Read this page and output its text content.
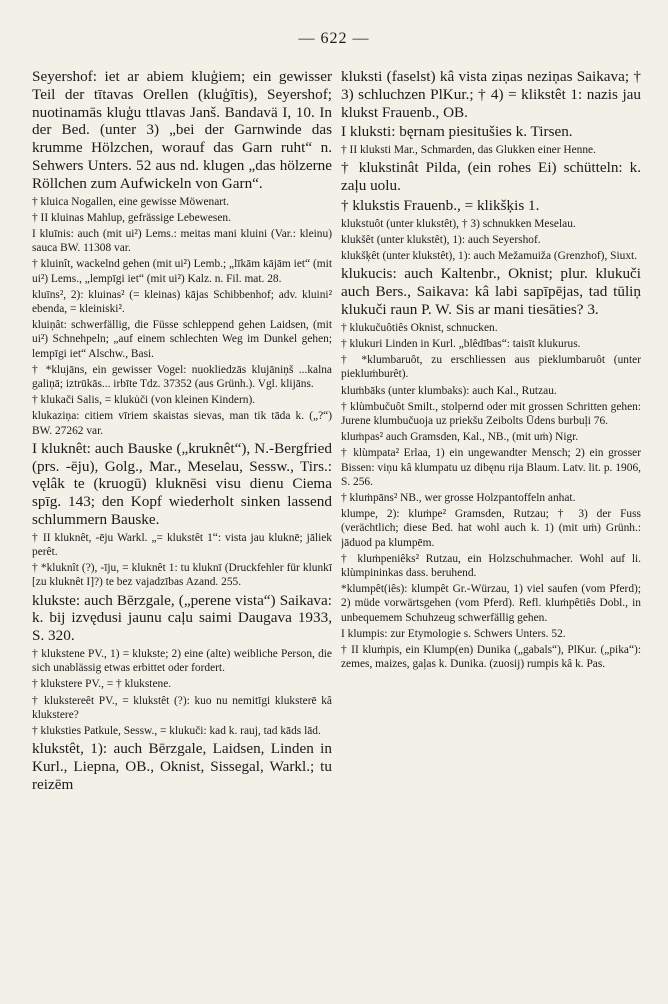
— 622 —

Seyershof: iet ar abiem kluģiem; ein gewisser Teil der tītavas Orellen (kluģītis), Seyershof; nuotinamās kluģu ttlavas Janš. Bandavä I, 10. In der Bed. (unter 3) „bei der Garnwinde das krumme Hölzchen, worauf das Garn ruht“ n. Sehwers Unters. 52 aus nd. klugen „das hölzerne Röllchen zum Aufwickeln von Garn“.

† kluica Nogallen, eine gewisse Möwenart.

† II kluinas Mahlup, gefrässige Lebewesen.

I kluīnis: auch (mit ui²) Lems.: meitas mani kluini (Var.: kleinu) sauca BW. 11308 var.

† kluinît, wackelnd gehen (mit ui²) Lemb.; „līkām kājām iet“ (mit ui²) Lems., „lempīgi iet“ (mit ui²) Kalz. n. Fil. mat. 28.

kluīns², 2): kluinas² (= kleinas) kājas Schibbenhof; adv. kluini² ebenda, = kleiniski².

kluiņât: schwerfällig, die Füsse schleppend gehen Laidsen, (mit ui²) Schnehpeln; „auf einem schlechten Weg im Dunkel gehen; lempīgi iet“ Alschw., Basi.

† *klujāns, ein gewisser Vogel: nuokliedzās klujāniņš ...kalna galiņā; iztrūkās... irbīte Tdz. 37352 (aus Grünh.). Vgl. klijāns.

† klukači Salis, = kluku̇či (von kleinen Kindern).

klukaziņa: citiem vīriem skaistas sievas, man tik tāda k. („?“) BW. 27262 var.

I kluknêt: auch Bauske („kruknêt“), N.-Bergfried (prs. -ēju), Golg., Mar., Meselau, Sessw., Tirs.: vęlâk te (kruogū) kluknēsi visu dienu Ciema spīg. 143; den Kopf wiederholt sinken lassend schlummern Bauske.

† II kluknêt, -ēju Warkl. „= klukstêt 1“: vista jau kluknē; jāliek perêt.

† *kluknît (?), -īju, = kluknêt 1: tu kluknī (Druckfehler für klunkī [zu kluknêt I]?) te bez vajadzības Azand. 255.

klukste: auch Bērzgale, („perene vista“) Saikava: k. bij izvędusi jaunu caļu saimi Daugava 1933, S. 320.

† klukstene PV., 1) = klukste; 2) eine (alte) weibliche Person, die sich unablässig etwas erbittet oder fordert.

† klukstere PV., = † klukstene.

† klukstereêt PV., = klukstêt (?): kuo nu nemitīgi kluksterē kâ klukstere?

† kluksties Patkule, Sessw., = klukuči: kad k. rauj, tad kāds lād.

klukstêt, 1): auch Bērzgale, Laidsen, Linden in Kurl., Liepna, OB., Oknist, Sissegal, Warkl.; tu reizēm

kluksti (faselst) kâ vista ziņas neziņas Saikava; † 3) schluchzen PlKur.; † 4) = klikstêt 1: nazis jau klukst Frauenb., OB.

I kluksti: bęrnam piesitušies k. Tirsen.

† II kluksti Mar., Schmarden, das Glukken einer Henne.

† klukstinât Pilda, (ein rohes Ei) schütteln: k. zaļu uolu.

† klukstis Frauenb., = klikšķis 1.

klukstuôt (unter klukstêt), † 3) schnukken Meselau.

klukšêt (unter klukstêt), 1): auch Seyershof.

klukšķêt (unter klukstêt), 1): auch Mežamuiža (Grenzhof), Siuxt.

klukucis: auch Kaltenbr., Oknist; plur. klukuči auch Bers., Saikava: kâ labi sapīpējas, tad tūliņ klukuči raun P. W. Sis ar mani tiesāties? 3.

† klukučuôtiês Oknist, schnucken.

† klukuri Linden in Kurl. „blêdības“: taisīt klukurus.

† *klumbaruôt, zu erschliessen aus pieklumbaruôt (unter piekluṁburêt).

kluṁbāks (unter klumbaks): auch Kal., Rutzau.

† klùmbučuôt Smilt., stolpernd oder mit grossen Schritten gehen: Jurene klumbučuoja uz priekšu Zeibolts Ūdens burbuļi 76.

kluṁpas² auch Gramsden, Kal., NB., (mit uṁ) Nigr.

† klùmpata² Erlaa, 1) ein ungewandter Mensch; 2) ein grosser Bissen: viņu kâ klumpatu uz dibęnu rija Blaum. Latv. lit. p. 1906, S. 256.

† kluṁpāns² NB., wer grosse Holzpantoffeln anhat.

klumpe, 2): kluṁpe² Gramsden, Rutzau; † 3) der Fuss (verächtlich; diese Bed. hat wohl auch k. 1) (mit uṁ) Grünh.: jāduod pa klumpēm.

† kluṁpeniêks² Rutzau, ein Holzschuhmacher. Wohl auf li. klùmpininkas dass. beruhend.

*klumpêt(iês): klumpêt Gr.-Würzau, 1) viel saufen (vom Pferd); 2) müde vorwärtsgehen (vom Pferd). Refl. kluṁpêtiês Dobl., in unbequemem Schuhzeug schwerfällig gehen.

I klumpis: zur Etymologie s. Schwers Unters. 52.

† II kluṁpis, ein Klump(en) Dunika („gabals“), PlKur. („pika“): zemes, maizes, gaļas k. Dunika. (zuosij) rumpis kâ k. Pas.
